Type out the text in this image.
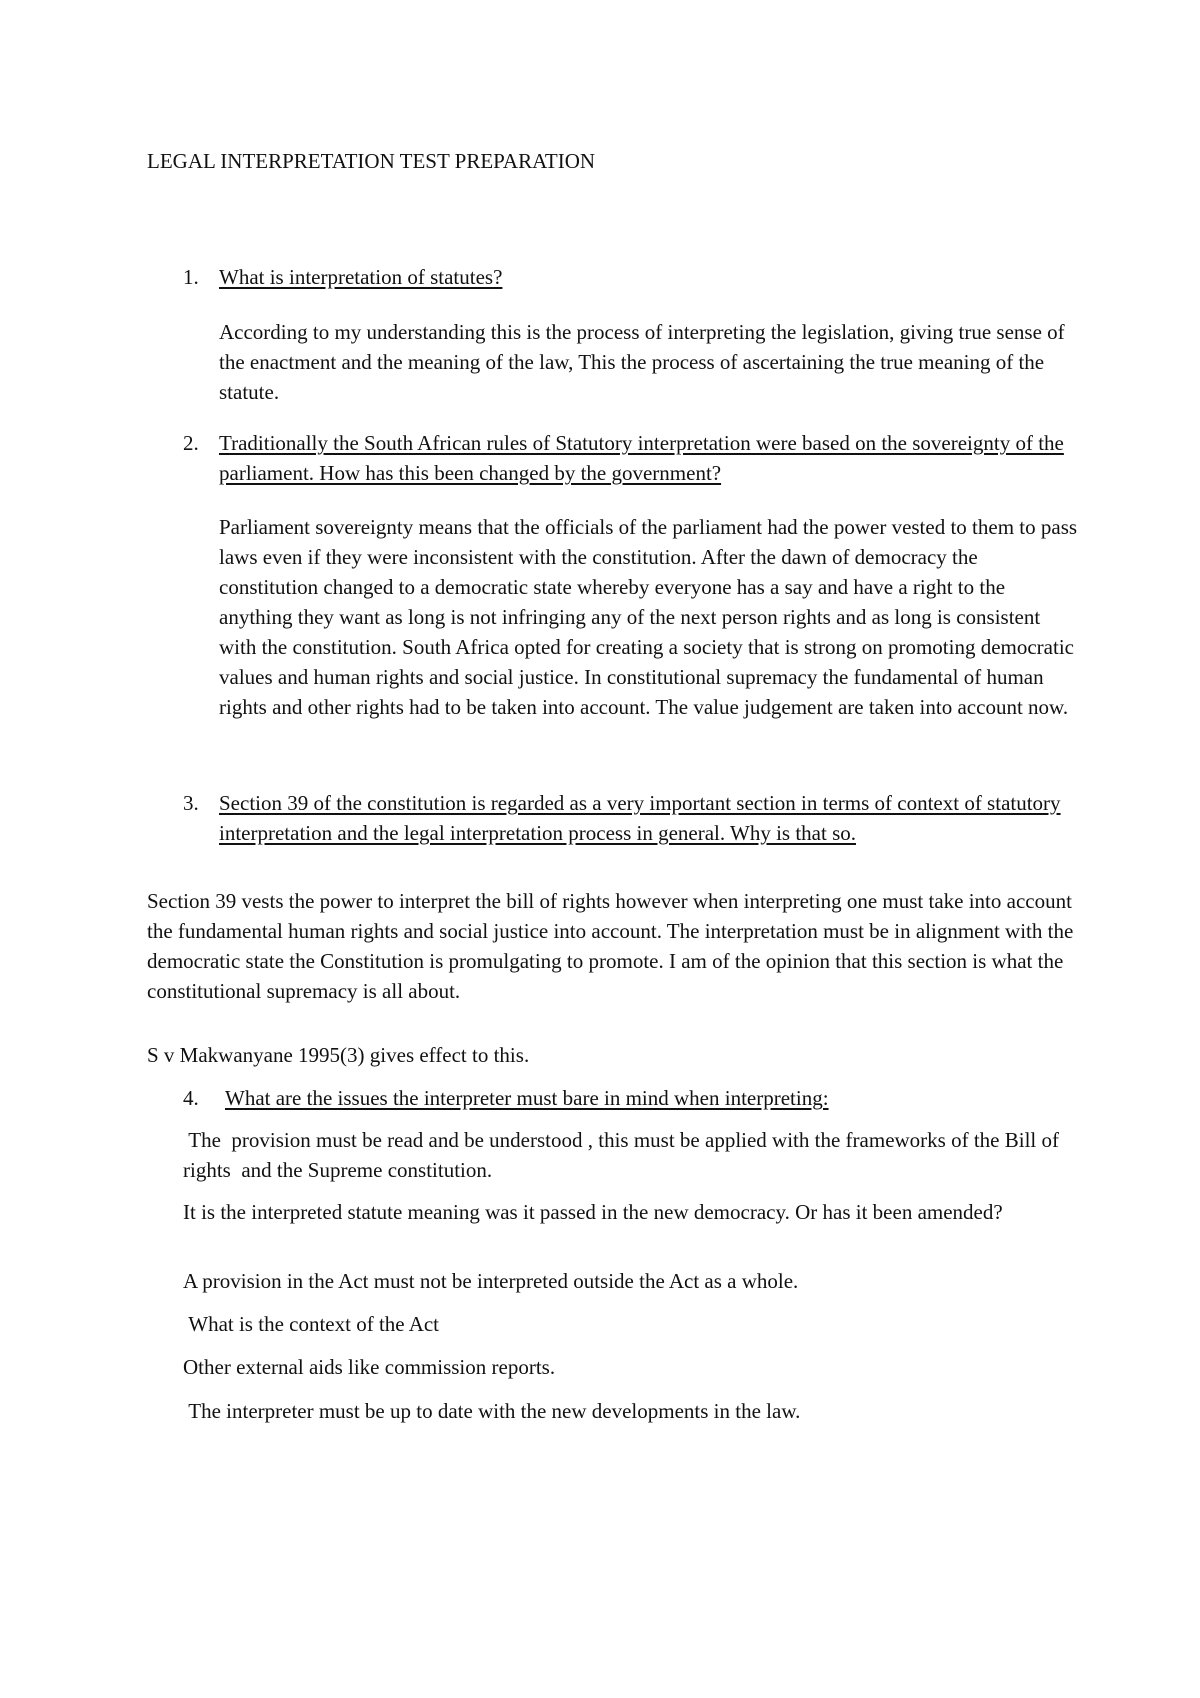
LEGAL INTERPRETATION TEST PREPARATION
1. What is interpretation of statutes?
According to my understanding this is the process of interpreting the legislation, giving true sense of the enactment and the meaning of the law, This the process of ascertaining the true meaning of the statute.
2. Traditionally the South African rules of Statutory interpretation were based on the sovereignty of the parliament. How has this been changed by the government?
Parliament sovereignty means that the officials of the parliament had the power vested to them to pass laws even if they were inconsistent with the constitution. After the dawn of democracy the constitution changed to a democratic state whereby everyone has a say and have a right to the anything they want as long is not infringing any of the next person rights and as long is consistent with the constitution. South Africa opted for creating a society that is strong on promoting democratic values and human rights and social justice. In constitutional supremacy the fundamental of human rights and other rights had to be taken into account. The value judgement are taken into account now.
3. Section 39 of the constitution is regarded as a very important section in terms of context of statutory interpretation and the legal interpretation process in general. Why is that so.
Section 39 vests the power to interpret the bill of rights however when interpreting one must take into account the fundamental human rights and social justice into account. The interpretation must be in alignment with the democratic state the Constitution is promulgating to promote. I am of the opinion that this section is what the constitutional supremacy is all about.
S v Makwanyane 1995(3) gives effect to this.
4. What are the issues the interpreter must bare in mind when interpreting:
The  provision must be read and be understood , this must be applied with the frameworks of the Bill of rights  and the Supreme constitution.
It is the interpreted statute meaning was it passed in the new democracy. Or has it been amended?
A provision in the Act must not be interpreted outside the Act as a whole.
What is the context of the Act
Other external aids like commission reports.
The interpreter must be up to date with the new developments in the law.
